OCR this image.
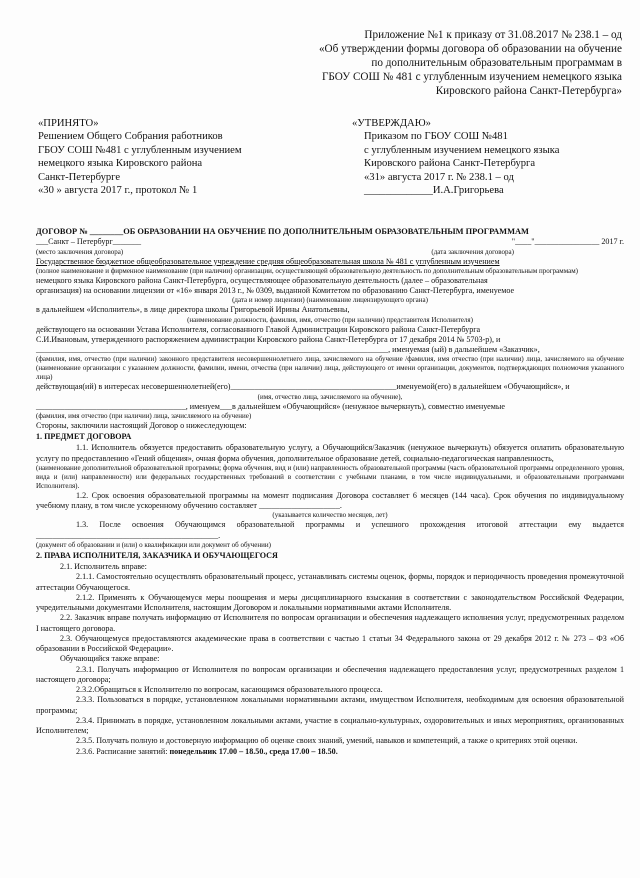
Приложение №1 к приказу от 31.08.2017 № 238.1 – од
«Об утверждении формы договора об образовании на обучение
по дополнительным образовательным программам в
ГБОУ СОШ № 481 с углубленным изучением немецкого языка
Кировского района Санкт-Петербурга»
«ПРИНЯТО»
Решением Общего Собрания работников
ГБОУ СОШ №481 с углубленным изучением
немецкого языка Кировского района
Санкт-Петербурге
«30 » августа 2017 г., протокол № 1
«УТВЕРЖДАЮ»
Приказом по ГБОУ СОШ №481
с углубленным изучением немецкого языка
Кировского района Санкт-Петербурга
«31» августа 2017 г. № 238.1 – од
_____________И.А.Григорьева

ДОГОВОР № ________ОБ ОБРАЗОВАНИИ НА ОБУЧЕНИЕ ПО ДОПОЛНИТЕЛЬНЫМ ОБРАЗОВАТЕЛЬНЫМ ПРОГРАММАМ

___Санкт – Петербург_______	"____"________________ 2017 г.
(место заключения договора)	(дата заключения договора)

Государственное бюджетное общеобразовательное учреждение средняя общеобразовательная школа № 481 с углубленным изучением

(полное наименование и фирменное наименование (при наличии) организации, осуществляющей образовательную деятельность по дополнительным образовательным программам)

немецкого языка Кировского района Санкт-Петербурга, осуществляющее образовательную деятельность (далее – образовательная

организация) на основании лицензии от «16» января 2013 г., № 0309, выданной Комитетом по образованию Санкт-Петербурга, именуемое

(дата и номер лицензии) (наименование лицензирующего органа)

в дальнейшем «Исполнитель», в лице директора школы Григорьевой Ирины Анатольевны,

(наименование должности, фамилия, имя, отчество (при наличии) представителя Исполнителя)

действующего на основании Устава Исполнителя, согласованного Главой Администрации Кировского района Санкт-Петербурга

С.И.Ивановым, утвержденного распоряжением администрации Кировского района Санкт-Петербурга от 17 декабря 2014 № 5703-р), и

_______________________________________________________________________________________, именуемая (ый) в дальнейшем «Заказчик»,

(фамилия, имя, отчество (при наличии) законного представителя несовершеннолетнего лица, зачисляемого на обучение /фамилия, имя отчество (при наличии) лица, зачисляемого на обучение (наименование организации с указанием должности, фамилии, имени, отчества (при наличии) лица, действующего от имени организации, документов, подтверждающих полномочия указанного лица)

действующая(ий) в интересах несовершеннолетней(его)_________________________________________именуемой(его) в дальнейшем «Обучающийся», и

(имя, отчество лица, зачисляемого на обучение),

_____________________________________, именуем___в дальнейшем «Обучающийся» (ненужное вычеркнуть), совместно именуемые

(фамилия, имя отчество (при наличии) лица, зачисляемого на обучение)

Стороны, заключили настоящий Договор о нижеследующем:

1. ПРЕДМЕТ ДОГОВОРА

1.1. Исполнитель обязуется предоставить образовательную услугу, а Обучающийся/Заказчик (ненужное вычеркнуть) обязуется оплатить образовательную услугу по предоставлению «Гений общения», очная форма обучения, дополнительное образование детей, социально-педагогическая направленность,

(наименование дополнительной образовательной программы; форма обучения, вид и (или) направленность образовательной программы (часть образовательной программы определенного уровня, вида и (или) направленности) или федеральных государственных требований в соответствии с учебными планами, в том числе индивидуальными, и образовательными программами Исполнителя).

1.2. Срок освоения образовательной программы на момент подписания Договора составляет 6 месяцев (144 часа). Срок обучения по индивидуальному учебному плану, в том числе ускоренному обучению составляет ____________________.

(указывается количество месяцев, лет)

1.3. После освоения Обучающимся образовательной программы и успешного прохождения итоговой аттестации ему выдается _____________________________________________.

(документ об образовании и (или) о квалификации или документ об обучении)

2. ПРАВА ИСПОЛНИТЕЛЯ, ЗАКАЗЧИКА И ОБУЧАЮЩЕГОСЯ

2.1. Исполнитель вправе:

2.1.1. Самостоятельно осуществлять образовательный процесс, устанавливать системы оценок, формы, порядок и периодичность проведения промежуточной аттестации Обучающегося.

2.1.2. Применять к Обучающемуся меры поощрения и меры дисциплинарного взыскания в соответствии с законодательством Российской Федерации, учредительными документами Исполнителя, настоящим Договором и локальными нормативными актами Исполнителя.

2.2. Заказчик вправе получать информацию от Исполнителя по вопросам организации и обеспечения надлежащего исполнения услуг, предусмотренных разделом I настоящего договора.

2.3. Обучающемуся предоставляются академические права в соответствии с частью 1 статьи 34 Федерального закона от 29 декабря 2012 г. № 273 – ФЗ «Об образовании в Российской Федерации».

Обучающийся также вправе:

2.3.1. Получать информацию от Исполнителя по вопросам организации и обеспечения надлежащего предоставления услуг, предусмотренных разделом 1 настоящего договора;

2.3.2.Обращаться к Исполнителю по вопросам, касающимся образовательного процесса.

2.3.3. Пользоваться в порядке, установленном локальными нормативными актами, имуществом Исполнителя, необходимым для освоения образовательной программы;

2.3.4. Принимать в порядке, установленном локальными актами, участие в социально-культурных, оздоровительных и иных мероприятиях, организованных Исполнителем;

2.3.5. Получать полную и достоверную информацию об оценке своих знаний, умений, навыков и компетенций, а также о критериях этой оценки.

2.3.6. Расписание занятий: понедельник 17.00 – 18.50., среда 17.00 – 18.50.
